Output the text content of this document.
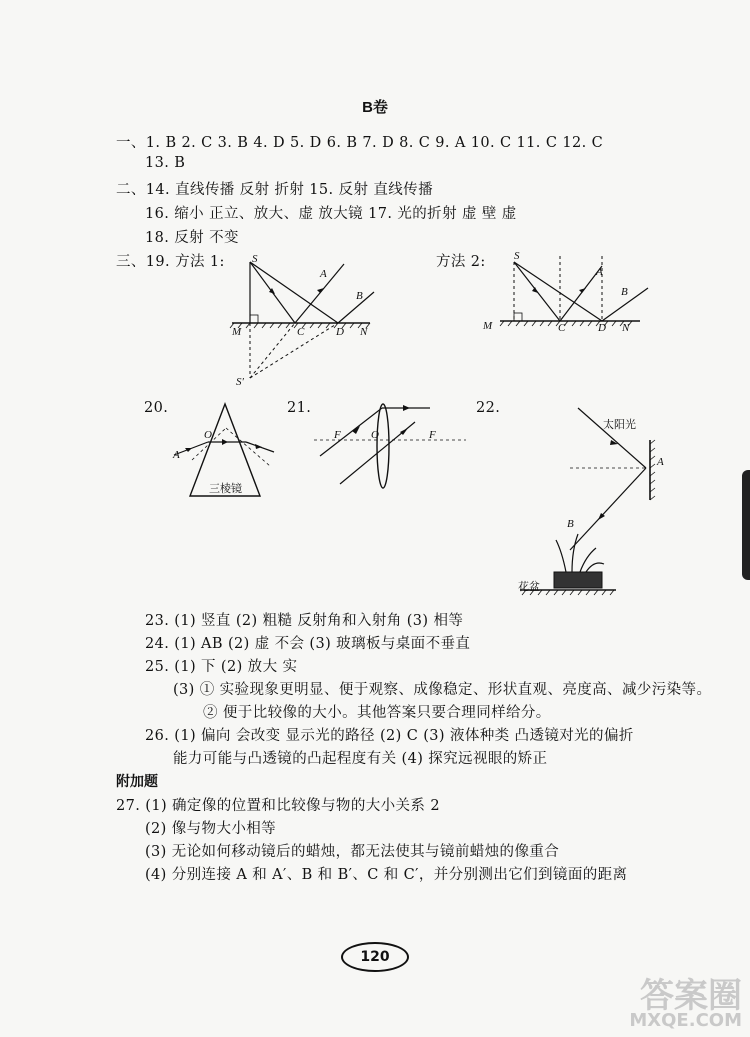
B卷
一、1. B 2. C 3. B 4. D 5. D 6. B 7. D 8. C 9. A 10. C 11. C 12. C
13. B
二、14. 直线传播 反射 折射 15. 反射 直线传播
16. 缩小 正立、放大、虚 放大镜 17. 光的折射 虚 壁 虚
18. 反射 不变
三、19. 方法 1:	方法 2:
S
A
B
M	C	D N
S′
S
A
B
M	C	D N
20.
A
O
三棱镜
21.
F	O	F
22.
太阳光
A
B
花盆
23. (1) 竖直 (2) 粗糙 反射角和入射角 (3) 相等
24. (1) AB (2) 虚 不会 (3) 玻璃板与桌面不垂直
25. (1) 下 (2) 放大 实
(3) ① 实验现象更明显、便于观察、成像稳定、形状直观、亮度高、减少污染等。
② 便于比较像的大小。其他答案只要合理同样给分。
26. (1) 偏向 会改变 显示光的路径 (2) C (3) 液体种类 凸透镜对光的偏折
能力可能与凸透镜的凸起程度有关 (4) 探究远视眼的矫正
附加题
27. (1) 确定像的位置和比较像与物的大小关系 2
(2) 像与物大小相等
(3) 无论如何移动镜后的蜡烛，都无法使其与镜前蜡烛的像重合
(4) 分别连接 A 和 A′、B 和 B′、C 和 C′，并分别测出它们到镜面的距离
120
答案圈
MXQE.COM
